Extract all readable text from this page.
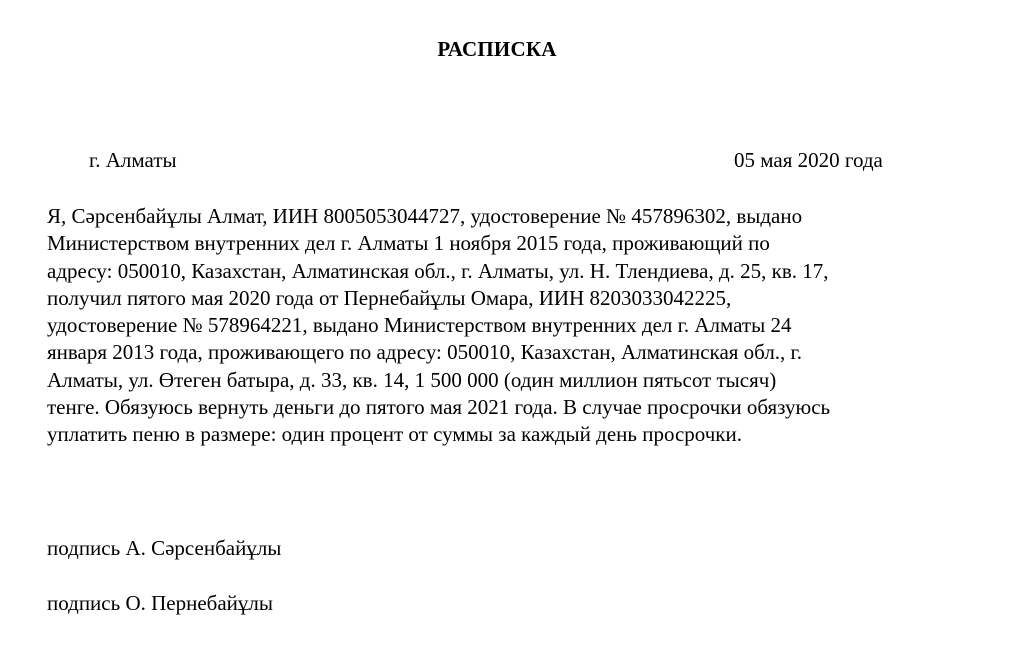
РАСПИСКА
г. Алматы	05 мая 2020 года
Я, Сәрсенбайұлы Алмат, ИИН 8005053044727, удостоверение № 457896302, выдано
Министерством внутренних дел г. Алматы 1 ноября 2015 года, проживающий по
адресу: 050010, Казахстан, Алматинская обл., г. Алматы, ул. Н. Тлендиева, д. 25, кв. 17,
получил пятого мая 2020 года от Пернебайұлы Омара, ИИН 8203033042225,
удостоверение № 578964221, выдано Министерством внутренних дел г. Алматы 24
января 2013 года, проживающего по адресу: 050010, Казахстан, Алматинская обл., г.
Алматы, ул. Өтеген батыра, д. 33, кв. 14, 1 500 000 (один миллион пятьсот тысяч)
тенге. Обязуюсь вернуть деньги до пятого мая 2021 года. В случае просрочки обязуюсь
уплатить пеню в размере: один процент от суммы за каждый день просрочки.
подпись А. Сәрсенбайұлы
подпись О. Пернебайұлы
